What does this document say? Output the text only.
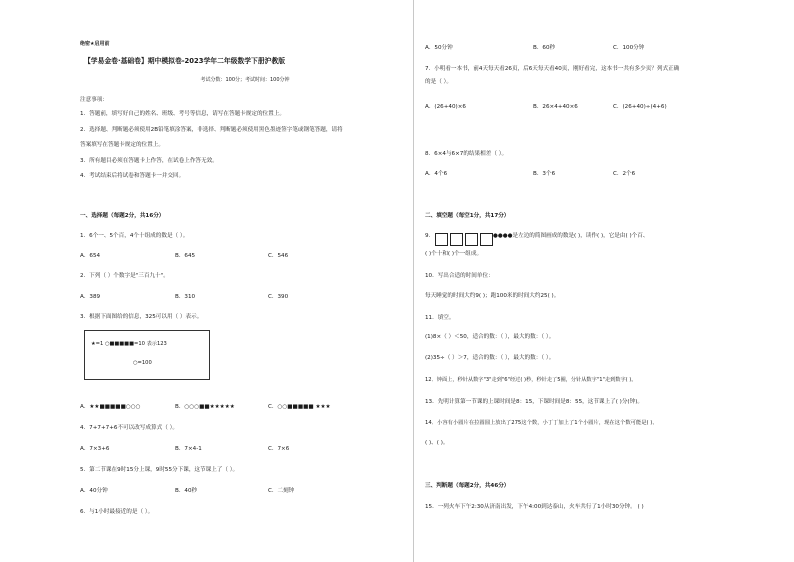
绝密★启用前
【学易金卷·基础卷】期中模拟卷-2023学年二年级数学下册沪教版
考试分数：100分；考试时间：100分钟
注意事项：
1．答题前，填写好自己的姓名、班级、考号等信息，请写在答题卡规定的位置上。
2．选择题、判断题必须使用2B铅笔填涂答案，非选择、判断题必须使用黑色墨迹签字笔或钢笔答题，请将
答案填写在答题卡规定的位置上。
3．所有题目必须在答题卡上作答，在试卷上作答无效。
4．考试结束后将试卷和答题卡一并交回。
一、选择题（每题2分，共16分）
1．6个一、5个百，4个十组成的数是（ ）。
A．654	B．645	C．546
2．下列（ ）个数字是"三百九十"。
A．389	B．310	C．390
3．根据下面图给的信息，325可以用（ ）表示。
★=1 ○■■■■■=10 表示123
○=100
A．★★■■■■■○○○	B．○○○■■★★★★★	C．○○■■■■■ ★★★
4．7+7+7+6不可以改写成算式（ ）。
A．7×3+6	B．7×4-1	C．7×6
5．第二节课在9时15分上课，9时55分下课，这节课上了（ ）。
A．40分钟	B．40秒	C．二刻钟
6．与1小时最接近的是（ ）。
A．50分钟	B．60秒	C．100分钟
7．小明看一本书，前4天每天看26页，后6天每天看40页，刚好看完，这本书一共有多少页？列式正确
的是（ ）。
A．(26+40)×6	B．26×4+40×6	C．(26+40)÷(4+6)
8．6×4与6×7的结果相差（ ）。
A．4个6	B．3个6	C．2个6
二、填空题（每空1分，共17分）
9．	●●●●是左边的简图画成的数是( )，读作( )，它是由( )个百、
( )个十和( )个一组成。
10．写出合适的时间单位：
每天睡觉的时间大约9( )；跑100米的时间大约25( )。
11．填空。
(1)8×（ ）＜50，适合的数：（ ），最大的数：（ ）。
(2)35÷（ ）＞7，适合的数：（ ），最大的数：（ ）。
12．钟面上，秒针从数字"3"走到"6"经过( )秒，秒针走了5圈，分针从数字"1"走到数字( )。
13．先明计算第一节课的上课时间是8：15，下课时间是8：55，这节课上了( )分(钟)。
14．小容有小圆片在拉圆圆上放出了275这个数，小丁丁加上了1个小圆片，现在这个数可能是( )、
( )、( )。
三、判断题（每题2分，共46分）
15．一列火车下午2:30从济南出发，下午4:00到达泰山，火车共行了1小时30分钟。 ( )
